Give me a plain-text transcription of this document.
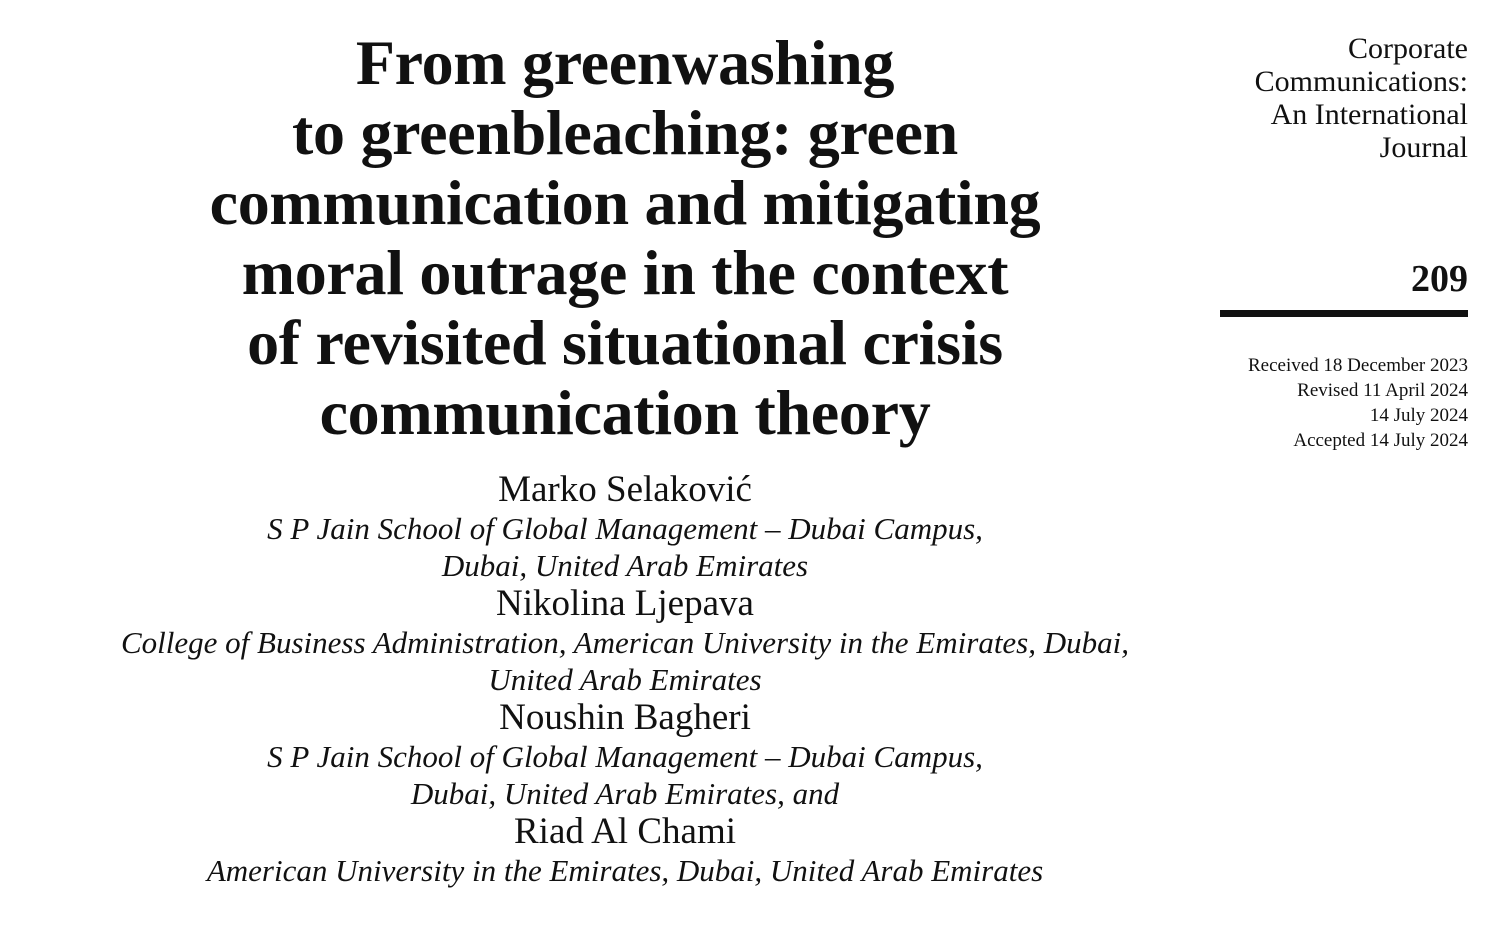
From greenwashing
to greenbleaching: green
communication and mitigating
moral outrage in the context
of revisited situational crisis
communication theory
Marko Selaković
S P Jain School of Global Management – Dubai Campus,
Dubai, United Arab Emirates
Nikolina Ljepava
College of Business Administration, American University in the Emirates, Dubai,
United Arab Emirates
Noushin Bagheri
S P Jain School of Global Management – Dubai Campus,
Dubai, United Arab Emirates, and
Riad Al Chami
American University in the Emirates, Dubai, United Arab Emirates
Corporate
Communications:
An International
Journal
209
Received 18 December 2023
Revised 11 April 2024
14 July 2024
Accepted 14 July 2024
